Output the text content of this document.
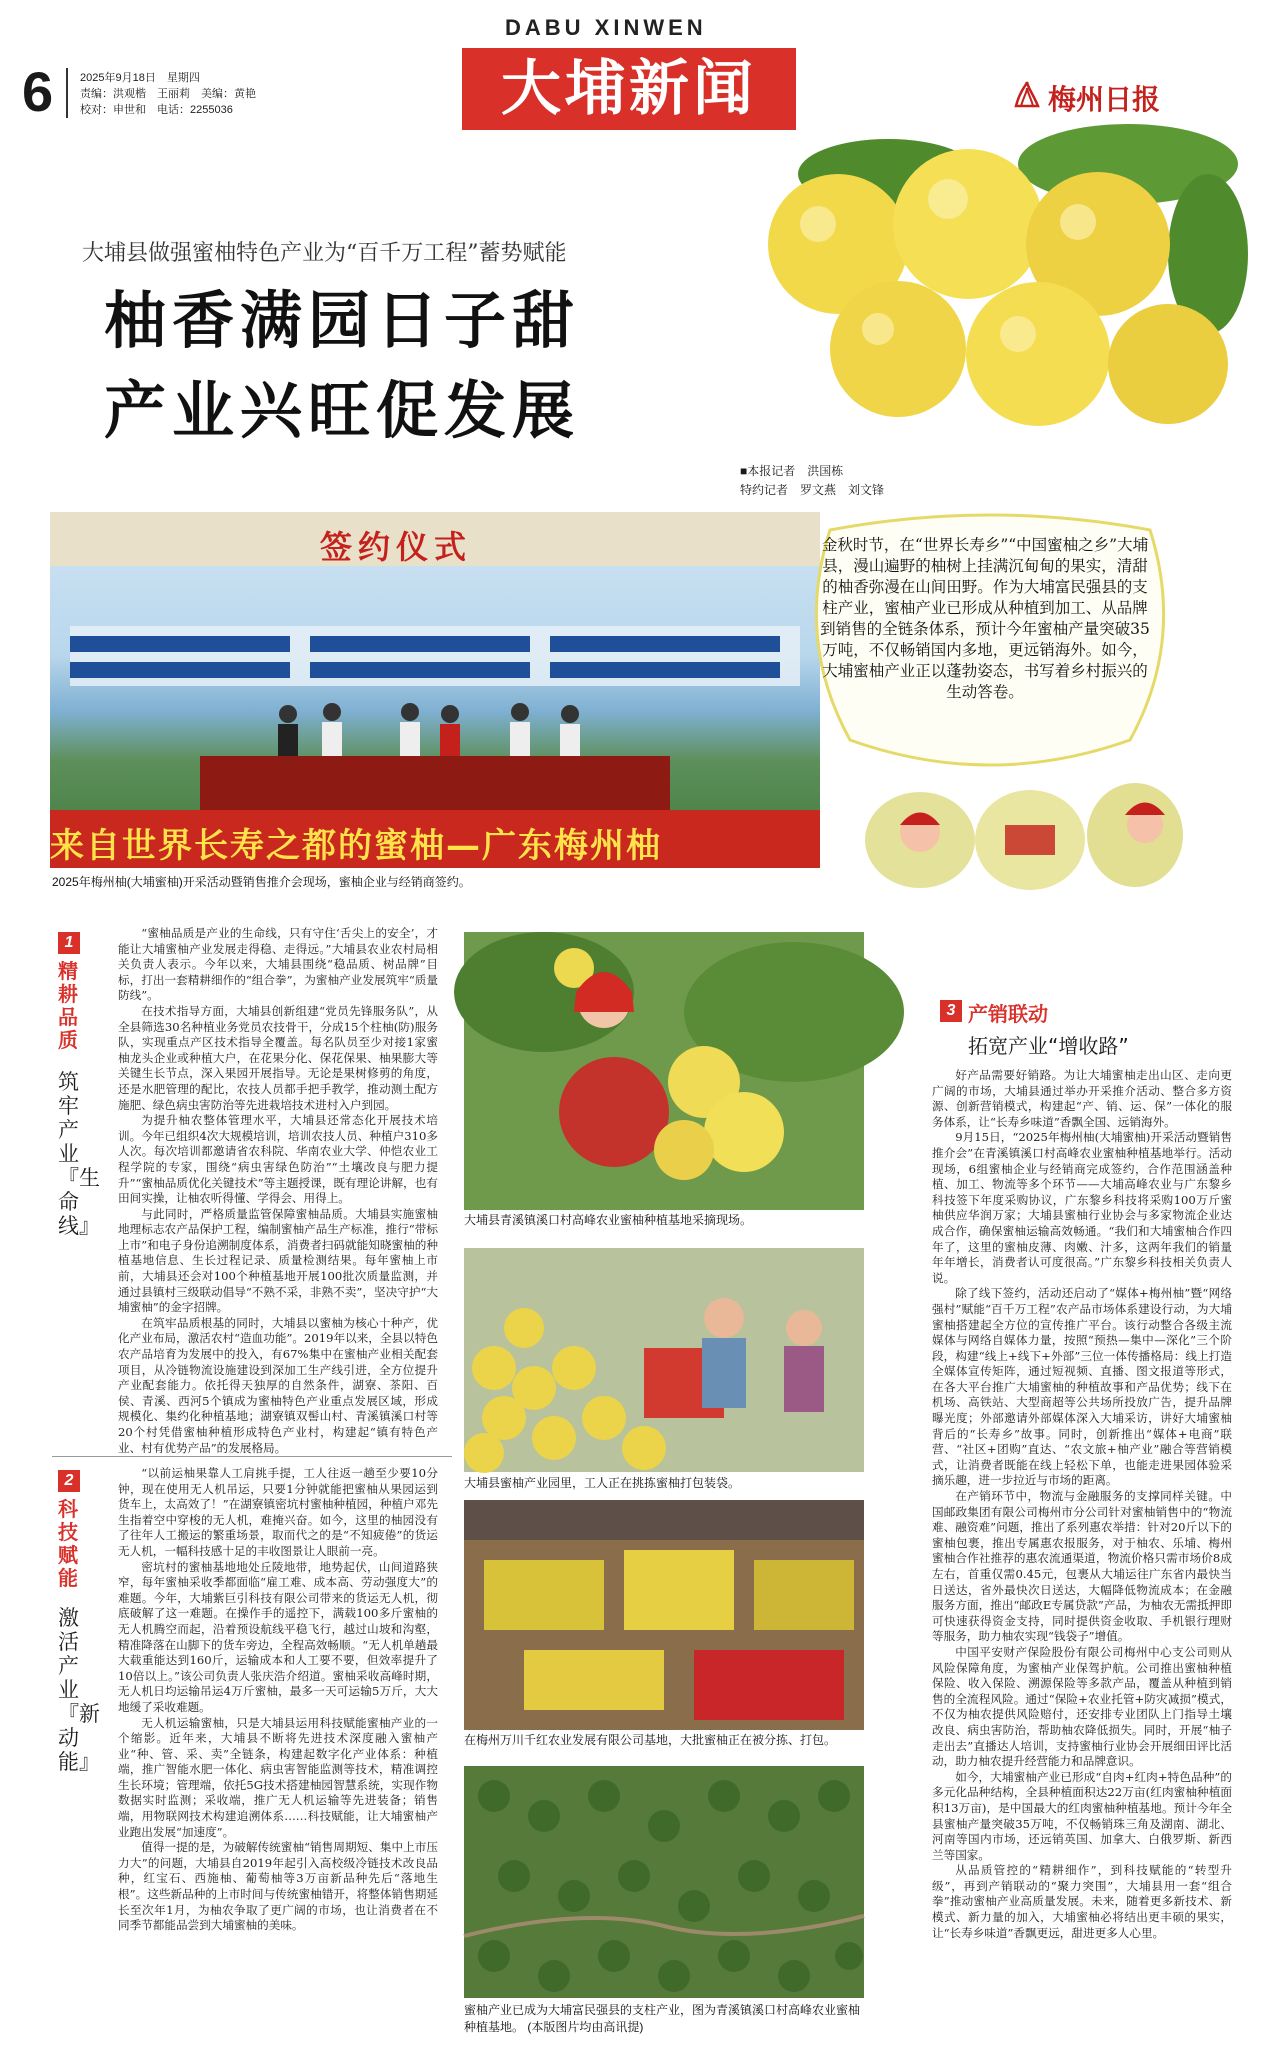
6 2025年9月18日　星期四
责编：洪观楷　王丽莉　美编：黄艳
校对：申世和　电话：2255036
DABU XINWEN
大埔新闻	梅州日报
大埔县做强蜜柚特色产业为“百千万工程”蓄势赋能
柚香满园日子甜
产业兴旺促发展
■本报记者　洪国栋
特约记者　罗文燕　刘文锋
签约仪式
来自世界长寿之都的蜜柚—广东梅州柚
2025年梅州柚(大埔蜜柚)开采活动暨销售推介会现场，蜜柚企业与经销商签约。
金秋时节，在“世界长寿乡”“中国蜜柚之乡”大埔县，漫山遍野的柚树上挂满沉甸甸的果实，清甜的柚香弥漫在山间田野。作为大埔富民强县的支柱产业，蜜柚产业已形成从种植到加工、从品牌到销售的全链条体系，预计今年蜜柚产量突破35万吨，不仅畅销国内多地，更远销海外。如今，大埔蜜柚产业正以蓬勃姿态，书写着乡村振兴的生动答卷。
1
精耕品质
筑牢产业『生命线』

“蜜柚品质是产业的生命线，只有守住‘舌尖上的安全’，才能让大埔蜜柚产业发展走得稳、走得远。”大埔县农业农村局相关负责人表示。今年以来，大埔县围绕“稳品质、树品牌”目标，打出一套精耕细作的“组合拳”，为蜜柚产业发展筑牢“质量防线”。

在技术指导方面，大埔县创新组建“党员先锋服务队”，从全县筛选30名种植业务党员农技骨干，分成15个柱柚(防)服务队，实现重点产区技术指导全覆盖。每名队员至少对接1家蜜柚龙头企业或种植大户，在花果分化、保花保果、柚果膨大等关键生长节点，深入果园开展指导。无论是果树修剪的角度，还是水肥管理的配比，农技人员都手把手教学，推动测土配方施肥、绿色病虫害防治等先进栽培技术进村入户到园。

为提升柚农整体管理水平，大埔县还常态化开展技术培训。今年已组织4次大规模培训，培训农技人员、种植户310多人次。每次培训都邀请省农科院、华南农业大学、仲恺农业工程学院的专家，围绕“病虫害绿色防治”“土壤改良与肥力提升”“蜜柚品质优化关键技术”等主题授课，既有理论讲解，也有田间实操，让柚农听得懂、学得会、用得上。

与此同时，严格质量监管保障蜜柚品质。大埔县实施蜜柚地理标志农产品保护工程，编制蜜柚产品生产标准，推行“带标上市”和电子身份追溯制度体系，消费者扫码就能知晓蜜柚的种植基地信息、生长过程记录、质量检测结果。每年蜜柚上市前，大埔县还会对100个种植基地开展100批次质量监测，并通过县镇村三级联动倡导“不熟不采，非熟不卖”，坚决守护“大埔蜜柚”的金字招牌。

在筑牢品质根基的同时，大埔县以蜜柚为核心十种产，优化产业布局，激活农村“造血功能”。2019年以来，全县以特色农产品培育为发展中的投入，有67%集中在蜜柚产业相关配套项目，从冷链物流设施建设到深加工生产线引进，全方位提升产业配套能力。依托得天独厚的自然条件，湖寮、茶阳、百侯、青溪、西河5个镇成为蜜柚特色产业重点发展区域，形成规模化、集约化种植基地；湖寮镇双髻山村、青溪镇溪口村等20个村凭借蜜柚种植形成特色产业村，构建起“镇有特色产业、村有优势产品”的发展格局。

2
科技赋能
激活产业『新动能』

“以前运柚果靠人工肩挑手提，工人往返一趟至少要10分钟，现在使用无人机吊运，只要1分钟就能把蜜柚从果园运到货车上，太高效了！”在湖寮镇密坑村蜜柚种植园，种植户邓先生指着空中穿梭的无人机，难掩兴奋。如今，这里的柚园没有了往年人工搬运的繁重场景，取而代之的是“不知疲倦”的货运无人机，一幅科技感十足的丰收图景让人眼前一亮。

密坑村的蜜柚基地地处丘陵地带，地势起伏，山间道路狭窄，每年蜜柚采收季都面临“雇工难、成本高、劳动强度大”的难题。今年，大埔紫巨引科技有限公司带来的货运无人机，彻底破解了这一难题。在操作手的遥控下，满载100多斤蜜柚的无人机腾空而起，沿着预设航线平稳飞行，越过山坡和沟壑，精准降落在山脚下的货车旁边，全程高效畅顺。“无人机单趟最大载重能达到160斤，运输成本和人工要不要，但效率提升了10倍以上。”该公司负责人张庆浩介绍道。蜜柚采收高峰时期，无人机日均运输吊运4万斤蜜柚，最多一天可运输5万斤，大大地缓了采收难题。

无人机运输蜜柚，只是大埔县运用科技赋能蜜柚产业的一个缩影。近年来，大埔县不断将先进技术深度融入蜜柚产业“种、管、采、卖”全链条，构建起数字化产业体系：种植端，推广智能水肥一体化、病虫害智能监测等技术，精准调控生长环境；管理端，依托5G技术搭建柚园智慧系统，实现作物数据实时监测；采收端，推广无人机运输等先进装备；销售端，用物联网技术构建追溯体系……科技赋能，让大埔蜜柚产业跑出发展“加速度”。

值得一提的是，为破解传统蜜柚“销售周期短、集中上市压力大”的问题，大埔县自2019年起引入高校级冷链技术改良品种，红宝石、西施柚、葡萄柚等3万亩新品种先后“落地生根”。这些新品种的上市时间与传统蜜柚错开，将整体销售期延长至次年1月，为柚农争取了更广阔的市场，也让消费者在不同季节都能品尝到大埔蜜柚的美味。

大埔县青溪镇溪口村高峰农业蜜柚种植基地采摘现场。
大埔县蜜柚产业园里，工人正在挑拣蜜柚打包装袋。
在梅州万川千红农业发展有限公司基地，大批蜜柚正在被分拣、打包。
蜜柚产业已成为大埔富民强县的支柱产业，图为青溪镇溪口村高峰农业蜜柚种植基地。 (本版图片均由高讯提)
3 产销联动
拓宽产业“增收路”

好产品需要好销路。为让大埔蜜柚走出山区、走向更广阔的市场，大埔县通过举办开采推介活动、整合多方资源、创新营销模式，构建起“产、销、运、保”一体化的服务体系，让“长寿乡味道”香飘全国、远销海外。

9月15日，“2025年梅州柚(大埔蜜柚)开采活动暨销售推介会”在青溪镇溪口村高峰农业蜜柚种植基地举行。活动现场，6组蜜柚企业与经销商完成签约，合作范围涵盖种植、加工、物流等多个环节——大埔高峰农业与广东黎乡科技签下年度采购协议，广东黎乡科技将采购100万斤蜜柚供应华润万家；大埔县蜜柚行业协会与多家物流企业达成合作，确保蜜柚运输高效畅通。“我们和大埔蜜柚合作四年了，这里的蜜柚皮薄、肉嫩、汁多，这两年我们的销量年年增长，消费者认可度很高。”广东黎乡科技相关负责人说。

除了线下签约，活动还启动了“媒体+梅州柚”暨“网络强村”赋能“百千万工程”农产品市场体系建设行动，为大埔蜜柚搭建起全方位的宣传推广平台。该行动整合各级主流媒体与网络自媒体力量，按照“预热—集中—深化”三个阶段，构建“线上+线下+外部”三位一体传播格局：线上打造全媒体宣传矩阵，通过短视频、直播、图文报道等形式，在各大平台推广大埔蜜柚的种植故事和产品优势；线下在机场、高铁站、大型商超等公共场所投放广告，提升品牌曝光度；外部邀请外部媒体深入大埔采访，讲好大埔蜜柚背后的“长寿乡”故事。同时，创新推出“媒体+电商”联营、“社区+团购”直达、“农文旅+柚产业”融合等营销模式，让消费者既能在线上轻松下单，也能走进果园体验采摘乐趣，进一步拉近与市场的距离。

在产销环节中，物流与金融服务的支撑同样关键。中国邮政集团有限公司梅州市分公司针对蜜柚销售中的“物流难、融资难”问题，推出了系列惠农举措：针对20斤以下的蜜柚包裹，推出专属惠农报服务，对于柚农、乐埔、梅州蜜柚合作社推荐的惠农流通渠道，物流价格只需市场价8成左右，首重仅需0.45元，包裹从大埔运往广东省内最快当日送达，省外最快次日送达，大幅降低物流成本；在金融服务方面，推出“邮政E专属贷款”产品，为柚农无需抵押即可快速获得资金支持，同时提供资金收取、手机银行理财等服务，助力柚农实现“钱袋子”增值。

中国平安财产保险股份有限公司梅州中心支公司则从风险保障角度，为蜜柚产业保驾护航。公司推出蜜柚种植保险、收入保险、溯源保险等多款产品，覆盖从种植到销售的全流程风险。通过“保险+农业托管+防灾减损”模式，不仅为柚农提供风险赔付，还安排专业团队上门指导土壤改良、病虫害防治，帮助柚农降低损失。同时，开展“柚子走出去”直播达人培训，支持蜜柚行业协会开展细田评比活动，助力柚农提升经营能力和品牌意识。

如今，大埔蜜柚产业已形成“自肉+红肉+特色品种”的多元化品种结构，全县种植面积达22万亩(红肉蜜柚种植面积13万亩)，是中国最大的红肉蜜柚种植基地。预计今年全县蜜柚产量突破35万吨，不仅畅销珠三角及湖南、湖北、河南等国内市场，还远销英国、加拿大、白俄罗斯、新西兰等国家。

从品质管控的“精耕细作”，到科技赋能的“转型升级”，再到产销联动的“聚力突围”，大埔县用一套“组合拳”推动蜜柚产业高质量发展。未来，随着更多新技术、新模式、新力量的加入，大埔蜜柚必将结出更丰硕的果实，让“长寿乡味道”香飘更远，甜进更多人心里。
